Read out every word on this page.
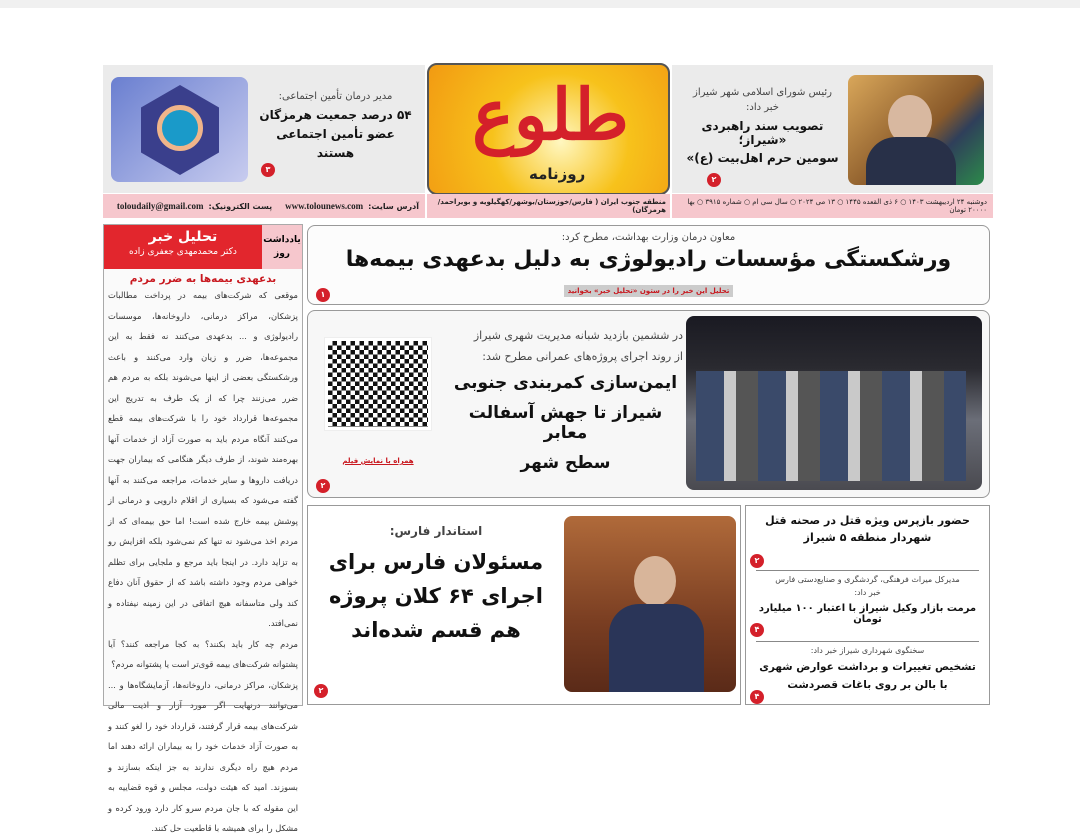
رئیس شورای اسلامی شهر شیراز
خبر داد:
تصویب سند راهبردی «شیراز؛
سومین حرم اهل‌بیت (ع)»
۲
طلوع
روزنامه
مدیر درمان تأمین اجتماعی:
۵۴ درصد جمعیت هرمزگان
عضو تأمین اجتماعی
هستند
۳
دوشنبه ۲۴ اردیبهشت ۱۴۰۳ ○ ۶ ذی القعده ۱۴۴۵ ○ ۱۳ می ۲۰۲۴ ○ سال سی ام ○ شماره ۳۹۱۵ ○ بها ۲۰۰۰۰ تومان
منطقه جنوب ایران ( فارس/خوزستان/بوشهر/کهگیلویه و بویراحمد/هرمزگان)
آدرس سایت:
www.tolounews.com
پست الکترونیک:
toloudaily@gmail.com
یادداشت
روز
تحلیل خبر
دکتر محمدمهدی جعفری زاده
بدعهدی بیمه‌ها به ضرر مردم
موقعی که شرکت‌های بیمه در پرداخت مطالبات پزشکان، مراکز درمانی، داروخانه‌ها، موسسات رادیولوژی و ... بدعهدی می‌کنند نه فقط به این مجموعه‌ها، ضرر و زیان وارد می‌کنند و باعث ورشکستگی بعضی از اینها می‌شوند بلکه به مردم هم ضرر می‌زنند چرا که از یک طرف به تدریج این مجموعه‌ها قرارداد خود را با شرکت‌های بیمه قطع می‌کنند آنگاه مردم باید به صورت آزاد از خدمات آنها بهره‌مند شوند، از طرف دیگر هنگامی که بیماران جهت دریافت داروها و سایر خدمات، مراجعه می‌کنند به آنها گفته می‌شود که بسیاری از اقلام دارویی و درمانی از پوشش بیمه خارج شده است! اما حق بیمه‌ای که از مردم اخذ می‌شود نه تنها کم نمی‌شود بلکه افزایش رو به تزاید دارد. در اینجا باید مرجع و ملجایی برای تظلم خواهی مردم وجود داشته باشد که از حقوق آنان دفاع کند ولی متاسفانه هیچ اتفاقی در این زمینه نیفتاده و نمی‌افتد.
مردم چه کار باید بکنند؟ به کجا مراجعه کنند؟ آیا پشتوانه شرکت‌های بیمه قوی‌تر است یا پشتوانه مردم؟
پزشکان، مراکز درمانی، داروخانه‌ها، آزمایشگاه‌ها و ... می‌توانند درنهایت اگر مورد آزار و اذیت مالی شرکت‌های بیمه قرار گرفتند، قرارداد خود را لغو کنند و به صورت آزاد خدمات خود را به بیماران ارائه دهند اما مردم هیچ راه دیگری ندارند به جز اینکه بسازند و بسوزند. امید که هیئت دولت، مجلس و قوه قضاییه به این مقوله که با جان مردم سرو کار دارد ورود کرده و مشکل را برای همیشه با قاطعیت حل کنند.
معاون درمان وزارت بهداشت، مطرح کرد:
ورشکستگی مؤسسات رادیولوژی به دلیل بدعهدی بیمه‌ها
تحلیل این خبر را در ستون «تحلیل خبر» بخوانید
۱
همراه با نمایش فیلم
در ششمین بازدید شبانه مدیریت شهری شیراز
از روند اجرای پروژه‌های عمرانی مطرح شد:
ایمن‌سازی کمربندی جنوبی
شیراز تا جهش آسفالت معابر
سطح شهر
۲
استاندار فارس:
مسئولان فارس برای
اجرای ۶۴ کلان پروژه
هم قسم شده‌اند
۲
حضور بازپرس ویژه قتل در صحنه قتل
شهردار منطقه ۵ شیراز
۲
مدیرکل میراث فرهنگی، گردشگری و صنایع‌دستی فارس
خبر داد:
مرمت بازار وکیل شیراز با اعتبار ۱۰۰ میلیارد تومان
۴
سخنگوی شهرداری شیراز خبر داد:
تشخیص تغییرات و برداشت عوارض شهری
با بالن بر روی باغات قصردشت
۴
